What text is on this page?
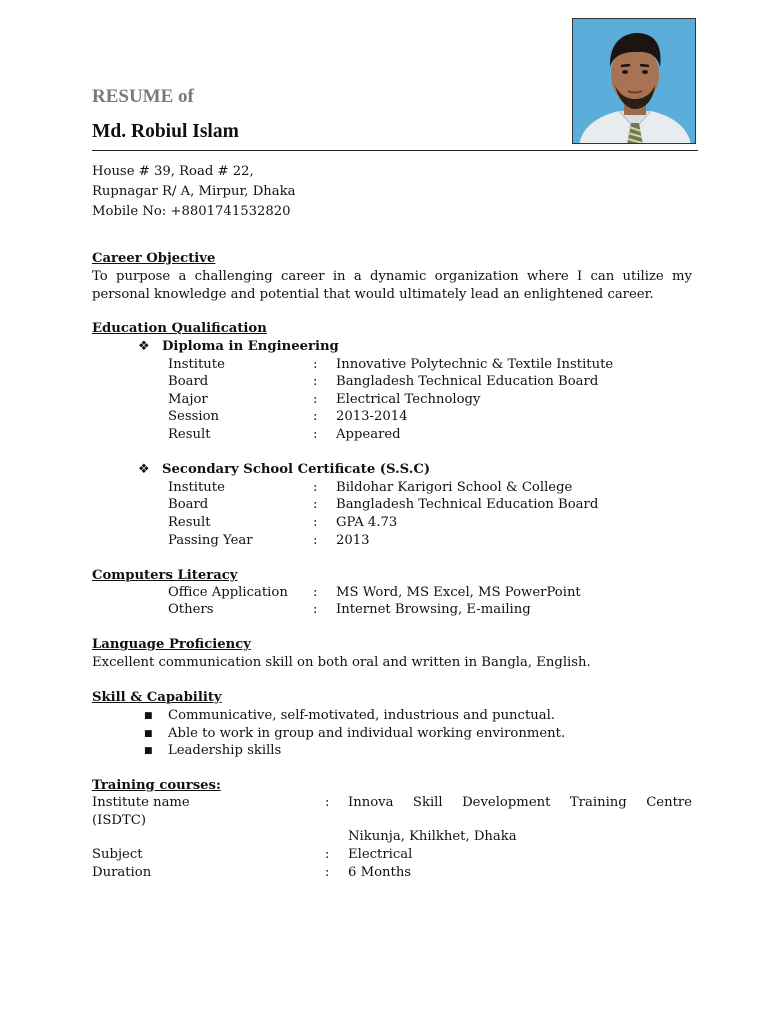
RESUME of
Md. Robiul Islam
House # 39, Road # 22,
Rupnagar R/ A, Mirpur, Dhaka
Mobile No: +8801741532820
Career Objective
To purpose a challenging career in a dynamic organization where I can utilize my
personal knowledge and potential that would ultimately lead an enlightened career.
Education Qualification
❖ Diploma in Engineering
Institute	: Innovative Polytechnic & Textile Institute
Board	: Bangladesh Technical Education Board
Major	: Electrical Technology
Session	: 2013-2014
Result	: Appeared
❖ Secondary School Certificate (S.S.C)
Institute	: Bildohar Karigori School & College
Board	: Bangladesh Technical Education Board
Result	: GPA 4.73
Passing Year	: 2013
Computers Literacy
Office Application : MS Word, MS Excel, MS PowerPoint
Others	: Internet Browsing, E-mailing
Language Proficiency
Excellent communication skill on both oral and written in Bangla, English.
Skill & Capability
■ Communicative, self-motivated, industrious and punctual.
■ Able to work in group and individual working environment.
■ Leadership skills
Training courses:
Institute name	: Innova Skill Development Training Centre
(ISDTC)
Nikunja, Khilkhet, Dhaka
Subject	: Electrical
Duration	: 6 Months
